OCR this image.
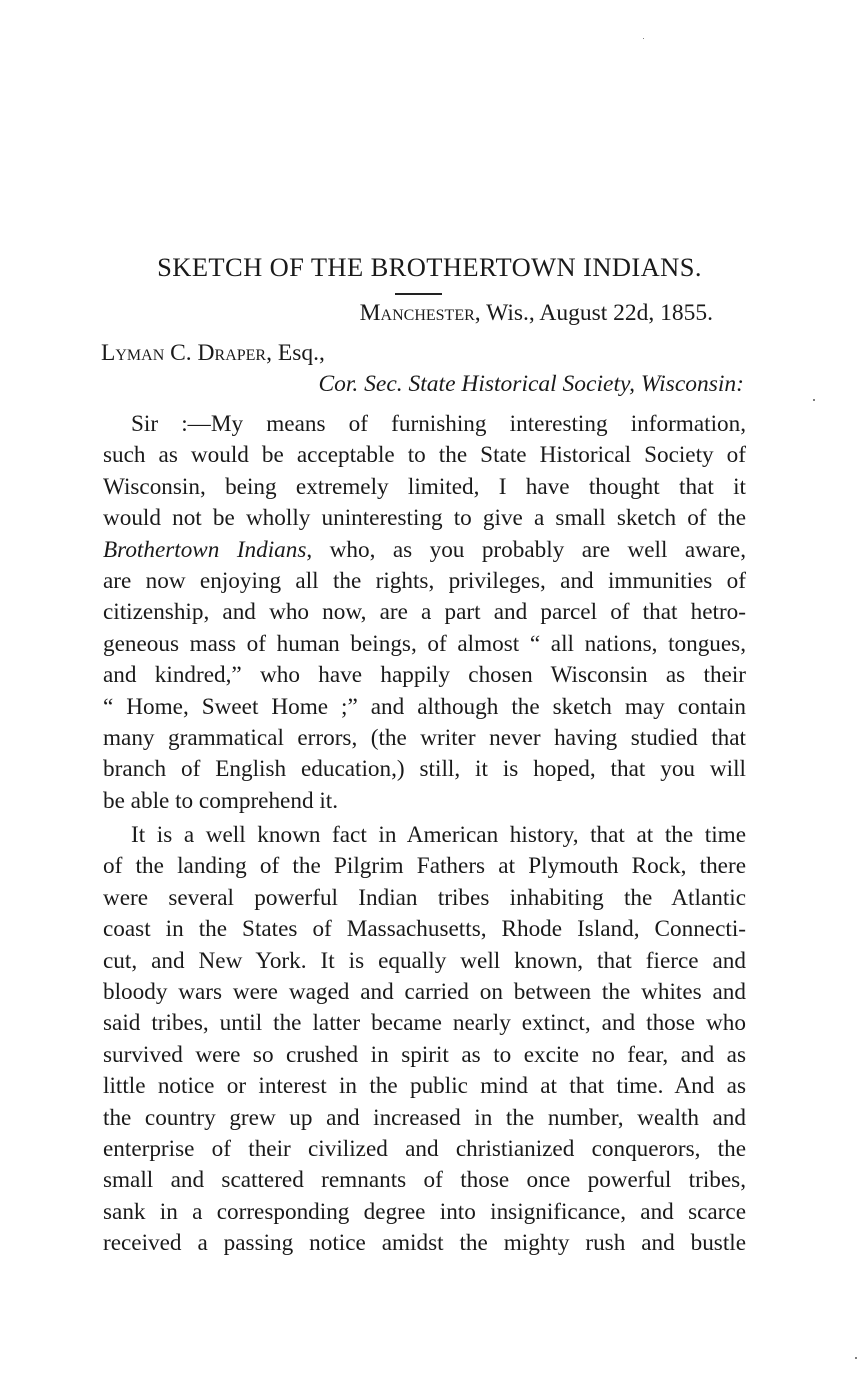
SKETCH OF THE BROTHERTOWN INDIANS.
Manchester, Wis., August 22d, 1855.
Lyman C. Draper, Esq.,
Cor. Sec. State Historical Society, Wisconsin:
Sir :—My means of furnishing interesting information,
such as would be acceptable to the State Historical Society of
Wisconsin, being extremely limited, I have thought that it
would not be wholly uninteresting to give a small sketch of the
Brothertown Indians, who, as you probably are well aware,
are now enjoying all the rights, privileges, and immunities of
citizenship, and who now, are a part and parcel of that hetro-
geneous mass of human beings, of almost “ all nations, tongues,
and kindred,” who have happily chosen Wisconsin as their
“ Home, Sweet Home ;” and although the sketch may contain
many grammatical errors, (the writer never having studied that
branch of English education,) still, it is hoped, that you will
be able to comprehend it.
It is a well known fact in American history, that at the time
of the landing of the Pilgrim Fathers at Plymouth Rock, there
were several powerful Indian tribes inhabiting the Atlantic
coast in the States of Massachusetts, Rhode Island, Connecti-
cut, and New York. It is equally well known, that fierce and
bloody wars were waged and carried on between the whites and
said tribes, until the latter became nearly extinct, and those who
survived were so crushed in spirit as to excite no fear, and as
little notice or interest in the public mind at that time. And as
the country grew up and increased in the number, wealth and
enterprise of their civilized and christianized conquerors, the
small and scattered remnants of those once powerful tribes,
sank in a corresponding degree into insignificance, and scarce
received a passing notice amidst the mighty rush and bustle
